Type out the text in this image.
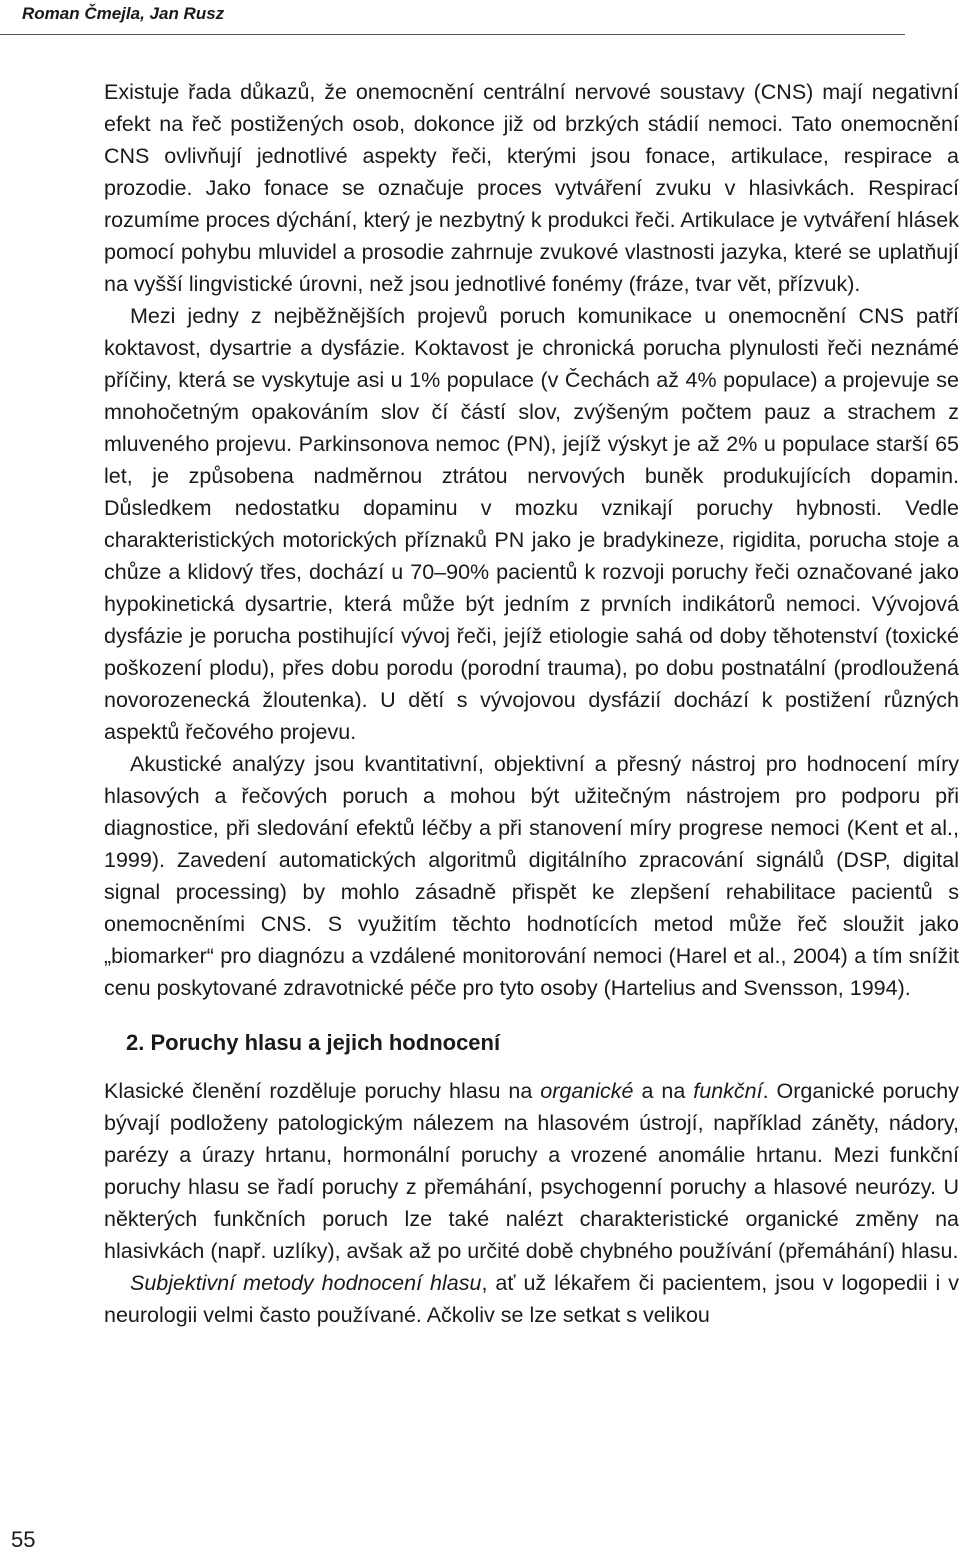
Roman Čmejla, Jan Rusz

Existuje řada důkazů, že onemocnění centrální nervové soustavy (CNS) mají negativní efekt na řeč postižených osob, dokonce již od brzkých stádií nemoci. Tato onemocnění CNS ovlivňují jednotlivé aspekty řeči, kterými jsou fonace, artikulace, respirace a prozodie. Jako fonace se označuje proces vytváření zvuku v hlasivkách. Respirací rozumíme proces dýchání, který je nezbytný k produkci řeči. Artikulace je vytváření hlásek pomocí pohybu mluvidel a prosodie zahrnuje zvukové vlastnosti jazyka, které se uplatňují na vyšší lingvistické úrovni, než jsou jednotlivé fonémy (fráze, tvar vět, přízvuk).

Mezi jedny z nejběžnějších projevů poruch komunikace u onemocnění CNS patří koktavost, dysartrie a dysfázie. Koktavost je chronická porucha plynulosti řeči neznámé příčiny, která se vyskytuje asi u 1% populace (v Čechách až 4% populace) a projevuje se mnohočetným opakováním slov čí částí slov, zvýšeným počtem pauz a strachem z mluveného projevu. Parkinsonova nemoc (PN), jejíž výskyt je až 2% u populace starší 65 let, je způsobena nadměrnou ztrátou nervových buněk produkujících dopamin. Důsledkem nedostatku dopaminu v mozku vznikají poruchy hybnosti. Vedle charakteristických motorických příznaků PN jako je bradykineze, rigidita, porucha stoje a chůze a klidový třes, dochází u 70–90% pacientů k rozvoji poruchy řeči označované jako hypokinetická dysartrie, která může být jedním z prvních indikátorů nemoci. Vývojová dysfázie je porucha postihující vývoj řeči, jejíž etiologie sahá od doby těhotenství (toxické poškození plodu), přes dobu porodu (porodní trauma), po dobu postnatální (prodloužená novorozenecká žloutenka). U dětí s vývojovou dysfázií dochází k postižení různých aspektů řečového projevu.

Akustické analýzy jsou kvantitativní, objektivní a přesný nástroj pro hodnocení míry hlasových a řečových poruch a mohou být užitečným nástrojem pro podporu při diagnostice, při sledování efektů léčby a při stanovení míry progrese nemoci (Kent et al., 1999). Zavedení automatických algoritmů digitálního zpracování signálů (DSP, digital signal processing) by mohlo zásadně přispět ke zlepšení rehabilitace pacientů s onemocněními CNS. S využitím těchto hodnotících metod může řeč sloužit jako „biomarker“ pro diagnózu a vzdálené monitorování nemoci (Harel et al., 2004) a tím snížit cenu poskytované zdravotnické péče pro tyto osoby (Hartelius and Svensson, 1994).

2. Poruchy hlasu a jejich hodnocení

Klasické členění rozděluje poruchy hlasu na organické a na funkční. Organické poruchy bývají podloženy patologickým nálezem na hlasovém ústrojí, například záněty, nádory, parézy a úrazy hrtanu, hormonální poruchy a vrozené anomálie hrtanu. Mezi funkční poruchy hlasu se řadí poruchy z přemáhání, psychogenní poruchy a hlasové neurózy. U některých funkčních poruch lze také nalézt charakteristické organické změny na hlasivkách (např. uzlíky), avšak až po určité době chybného používání (přemáhání) hlasu.

Subjektivní metody hodnocení hlasu, ať už lékařem či pacientem, jsou v logopedii i v neurologii velmi často používané. Ačkoliv se lze setkat s velikou

55
